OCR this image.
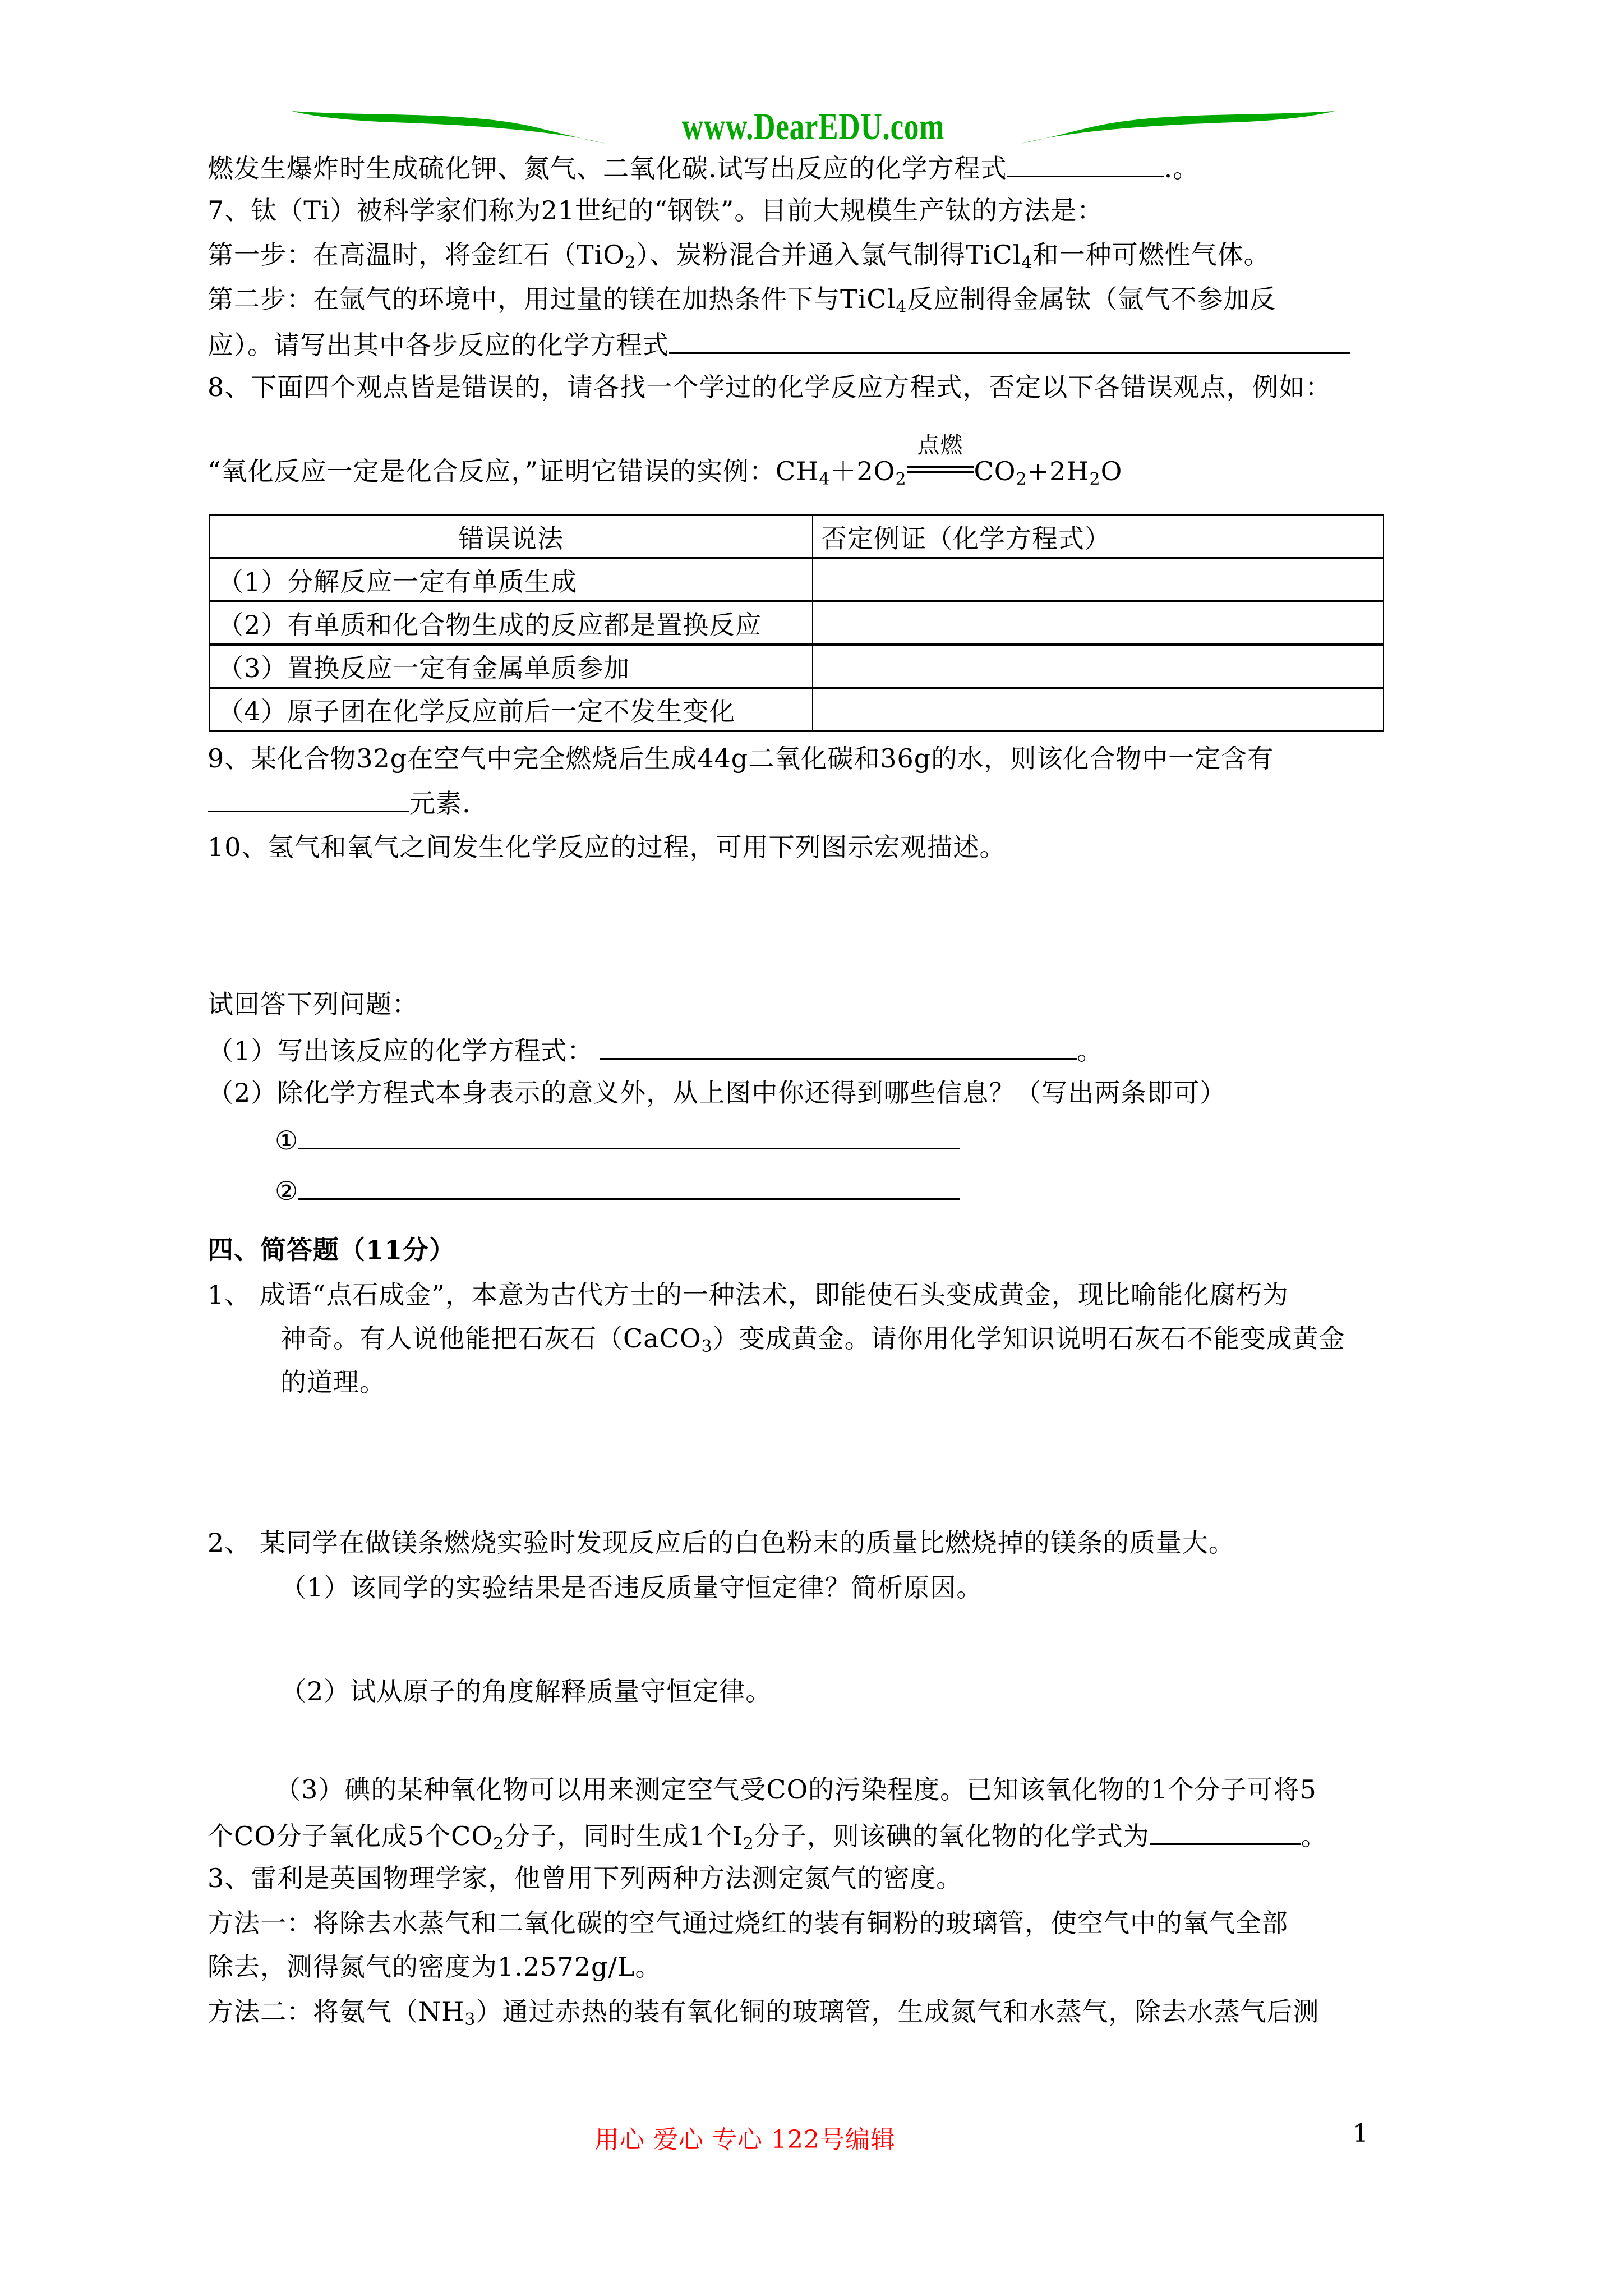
www.DearEDU.com
燃发生爆炸时生成硫化钾、氮气、二氧化碳.试写出反应的化学方程式	.。
7、钛（Ti）被科学家们称为21世纪的“钢铁”。目前大规模生产钛的方法是：
第一步：在高温时，将金红石（TiO$_2$）、炭粉混合并通入氯气制得TiCl$_4$和一种可燃性气体。
第二步：在氩气的环境中，用过量的镁在加热条件下与TiCl$_4$反应制得金属钛（氩气不参加反
应）。请写出其中各步反应的化学方程式
8、下面四个观点皆是错误的，请各找一个学过的化学反应方程式，否定以下各错误观点，例如：
“氧化反应一定是化合反应，”证明它错误的实例：$CH_4+2O_2$
点燃
$CO_2+2H_2O$
错误说法	否定例证（化学方程式）
（1）分解反应一定有单质生成	
（2）有单质和化合物生成的反应都是置换反应	
（3）置换反应一定有金属单质参加	
（4）原子团在化学反应前后一定不发生变化	
9、某化合物32g在空气中完全燃烧后生成44g二氧化碳和36g的水，则该化合物中一定含有
元素.
10、氢气和氧气之间发生化学反应的过程，可用下列图示宏观描述。
试回答下列问题：
（1）写出该反应的化学方程式：	。
（2）除化学方程式本身表示的意义外，从上图中你还得到哪些信息？（写出两条即可）
①
②
四、简答题（11分）
1、 成语“点石成金”，本意为古代方士的一种法术，即能使石头变成黄金，现比喻能化腐朽为
神奇。有人说他能把石灰石（CaCO$_3$）变成黄金。请你用化学知识说明石灰石不能变成黄金
的道理。
2、 某同学在做镁条燃烧实验时发现反应后的白色粉末的质量比燃烧掉的镁条的质量大。
（1）该同学的实验结果是否违反质量守恒定律？简析原因。
（2）试从原子的角度解释质量守恒定律。
（3）碘的某种氧化物可以用来测定空气受CO的污染程度。已知该氧化物的1个分子可将5
个CO分子氧化成5个$CO_2$分子，同时生成1个$I_2$分子，则该碘的氧化物的化学式为	。
3、雷利是英国物理学家，他曾用下列两种方法测定氮气的密度。
方法一：将除去水蒸气和二氧化碳的空气通过烧红的装有铜粉的玻璃管，使空气中的氧气全部
除去，测得氮气的密度为1.2572g/L。
方法二：将氨气$(NH_3)$通过赤热的装有氧化铜的玻璃管，生成氮气和水蒸气，除去水蒸气后测
用心 爱心 专心 122号编辑	1
